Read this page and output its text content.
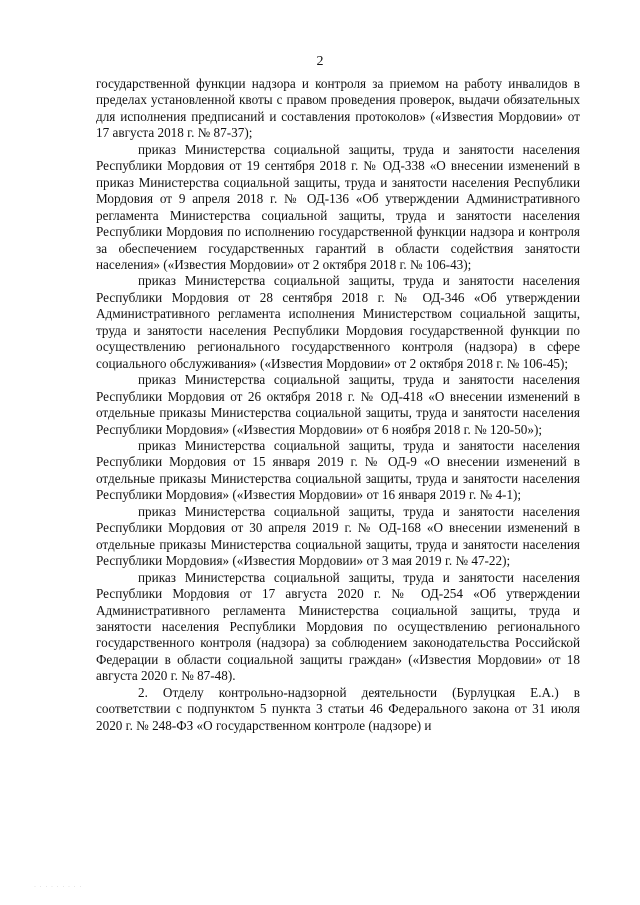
2

государственной функции надзора и контроля за приемом на работу инвалидов в пределах установленной квоты с правом проведения проверок, выдачи обязательных для исполнения предписаний и составления протоколов» («Известия Мордовии» от 17 августа 2018 г. № 87-37);

приказ Министерства социальной защиты, труда и занятости населения Республики Мордовия от 19 сентября 2018 г. № ОД-338 «О внесении изменений в приказ Министерства социальной защиты, труда и занятости населения Республики Мордовия от 9 апреля 2018 г. № ОД-136 «Об утверждении Административного регламента Министерства социальной защиты, труда и занятости населения Республики Мордовия по исполнению государственной функции надзора и контроля за обеспечением государственных гарантий в области содействия занятости населения» («Известия Мордовии» от 2 октября 2018 г. № 106-43);

приказ Министерства социальной защиты, труда и занятости населения Республики Мордовия от 28 сентября 2018 г. № ОД-346 «Об утверждении Административного регламента исполнения Министерством социальной защиты, труда и занятости населения Республики Мордовия государственной функции по осуществлению регионального государственного контроля (надзора) в сфере социального обслуживания» («Известия Мордовии» от 2 октября 2018 г. № 106-45);

приказ Министерства социальной защиты, труда и занятости населения Республики Мордовия от 26 октября 2018 г. № ОД-418 «О внесении изменений в отдельные приказы Министерства социальной защиты, труда и занятости населения Республики Мордовия» («Известия Мордовии» от 6 ноября 2018 г. № 120-50»);

приказ Министерства социальной защиты, труда и занятости населения Республики Мордовия от 15 января 2019 г. № ОД-9 «О внесении изменений в отдельные приказы Министерства социальной защиты, труда и занятости населения Республики Мордовия» («Известия Мордовии» от 16 января 2019 г. № 4-1);

приказ Министерства социальной защиты, труда и занятости населения Республики Мордовия от 30 апреля 2019 г. № ОД-168 «О внесении изменений в отдельные приказы Министерства социальной защиты, труда и занятости населения Республики Мордовия» («Известия Мордовии» от 3 мая 2019 г. № 47-22);

приказ Министерства социальной защиты, труда и занятости населения Республики Мордовия от 17 августа 2020 г. № ОД-254 «Об утверждении Административного регламента Министерства социальной защиты, труда и занятости населения Республики Мордовия по осуществлению регионального государственного контроля (надзора) за соблюдением законодательства Российской Федерации в области социальной защиты граждан» («Известия Мордовии» от 18 августа 2020 г. № 87-48).

2. Отделу контрольно-надзорной деятельности (Бурлуцкая Е.А.) в соответствии с подпунктом 5 пункта 3 статьи 46 Федерального закона от 31 июля 2020 г. № 248-ФЗ «О государственном контроле (надзоре) и

· · · · · · · · ·
